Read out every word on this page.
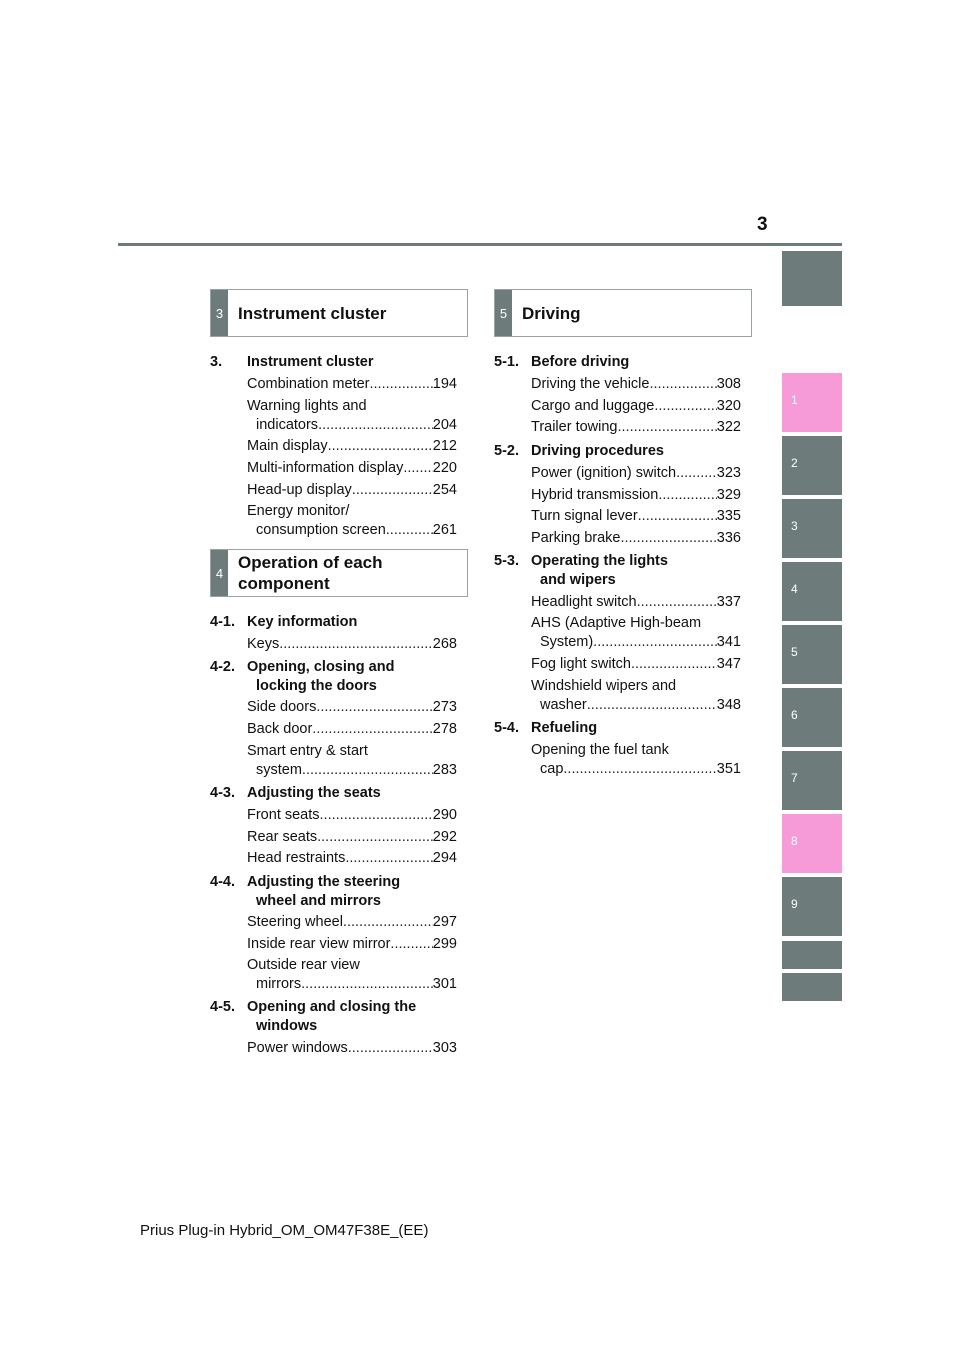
3
1
2
3
4
5
6
7
8
9
3 Instrument cluster	5 Driving
4
Operation of each
component
3. Instrument cluster
Combination meter .....	194
Warning lights and
indicators .....	204
Main display .....	212
Multi-information display ..... 220
Head-up display .....	254
Energy monitor/
consumption screen .....	261
4-1. Key information
Keys .....	268
4-2. Opening, closing and
locking the doors
Side doors .....	273
Back door .....	278
Smart entry & start
system .....	283
4-3. Adjusting the seats
Front seats .....	290
Rear seats .....	292
Head restraints .....	294
4-4. Adjusting the steering
wheel and mirrors
Steering wheel .....	297
Inside rear view mirror .....	299
Outside rear view
mirrors .....	301
4-5. Opening and closing the
windows
Power windows .....	303
5-1. Before driving
Driving the vehicle .....	308
Cargo and luggage .....	320
Trailer towing .....	322
5-2. Driving procedures
Power (ignition) switch .....	323
Hybrid transmission .....	329
Turn signal lever .....	335
Parking brake .....	336
5-3. Operating the lights
and wipers
Headlight switch .....	337
AHS (Adaptive High-beam
System) .....	341
Fog light switch .....	347
Windshield wipers and
washer .....	348
5-4. Refueling
Opening the fuel tank
cap .....	351
Prius Plug-in Hybrid_OM_OM47F38E_(EE)
